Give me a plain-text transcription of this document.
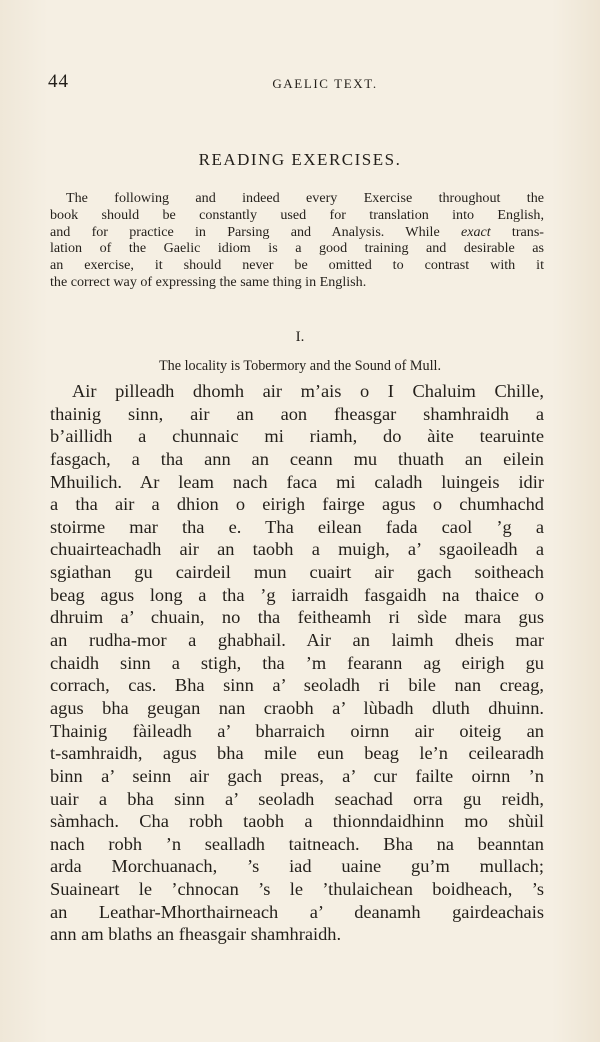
44	GAELIC TEXT.
READING EXERCISES.
The following and indeed every Exercise throughout the
book should be constantly used for translation into English,
and for practice in Parsing and Analysis. While exact trans-
lation of the Gaelic idiom is a good training and desirable as
an exercise, it should never be omitted to contrast with it
the correct way of expressing the same thing in English.
I.
The locality is Tobermory and the Sound of Mull.
Air pilleadh dhomh air m’ais o I Chaluim Chille,
thainig sinn, air an aon fheasgar shamhraidh a
b’aillidh a chunnaic mi riamh, do àite tearuinte
fasgach, a tha ann an ceann mu thuath an eilein
Mhuilich. Ar leam nach faca mi caladh luingeis idir
a tha air a dhion o eirigh fairge agus o chumhachd
stoirme mar tha e. Tha eilean fada caol ’g a
chuairteachadh air an taobh a muigh, a’ sgaoileadh a
sgiathan gu cairdeil mun cuairt air gach soitheach
beag agus long a tha ’g iarraidh fasgaidh na thaice o
dhruim a’ chuain, no tha feitheamh ri sìde mara gus
an rudha-mor a ghabhail. Air an laimh dheis mar
chaidh sinn a stigh, tha ’m fearann ag eirigh gu
corrach, cas. Bha sinn a’ seoladh ri bile nan creag,
agus bha geugan nan craobh a’ lùbadh dluth dhuinn.
Thainig fàileadh a’ bharraich oirnn air oiteig an
t-samhraidh, agus bha mile eun beag le’n ceilearadh
binn a’ seinn air gach preas, a’ cur failte oirnn ’n
uair a bha sinn a’ seoladh seachad orra gu reidh,
sàmhach. Cha robh taobh a thionndaidhinn mo shùil
nach robh ’n sealladh taitneach. Bha na beanntan
arda Morchuanach, ’s iad uaine gu’m mullach;
Suaineart le ’chnocan ’s le ’thulaichean boidheach, ’s
an Leathar-Mhorthairneach a’ deanamh gairdeachais
ann am blaths an fheasgair shamhraidh.
